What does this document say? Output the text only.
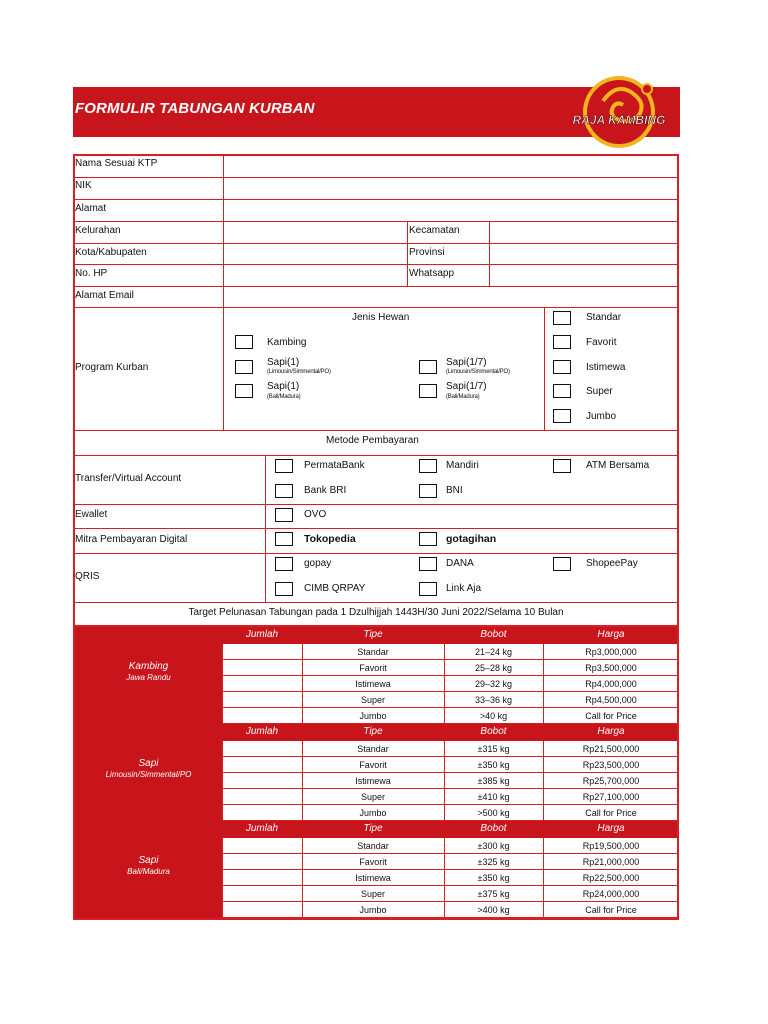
FORMULIR TABUNGAN KURBAN
RAJA KAMBING
Nama Sesuai KTP
NIK
Alamat
Kelurahan	Kecamatan
Kota/Kabupaten	Provinsi
No. HP	Whatsapp
Alamat Email
Program Kurban
Jenis Hewan
Kambing
Sapi(1)
(Limousin/Simmental/PO)
Sapi(1/7)
(Limousin/Simmental/PO)
Sapi(1)
(Bali/Madura)
Sapi(1/7)
(Bali/Madura)
Standar
Favorit
Istimewa
Super
Jumbo
Metode Pembayaran
Transfer/Virtual Account
PermataBank	Mandiri	ATM Bersama
Bank BRI	BNI
Ewallet	OVO
Mitra Pembayaran Digital	Tokopedia	gotagihan
QRIS
gopay	DANA	ShopeePay
CIMB QRPAY	Link Aja
Target Pelunasan Tabungan pada 1 Dzulhijjah 1443H/30 Juni 2022/Selama 10 Bulan
Jumlah	Tipe	Bobot	Harga
Kambing
Jawa Randu
Standar	21–24 kg	Rp3,000,000
Favorit	25–28 kg	Rp3,500,000
Istimewa	29–32 kg	Rp4,000,000
Super	33–36 kg	Rp4,500,000
Jumbo	>40 kg	Call for Price
Jumlah	Tipe	Bobot	Harga
Sapi
Limousin/Simmental/PO
Standar	±315 kg	Rp21,500,000
Favorit	±350 kg	Rp23,500,000
Istimewa	±385 kg	Rp25,700,000
Super	±410 kg	Rp27,100,000
Jumbo	>500 kg	Call for Price
Jumlah	Tipe	Bobot	Harga
Sapi
Bali/Madura
Standar	±300 kg	Rp19,500,000
Favorit	±325 kg	Rp21,000,000
Istimewa	±350 kg	Rp22,500,000
Super	±375 kg	Rp24,000,000
Jumbo	>400 kg	Call for Price
